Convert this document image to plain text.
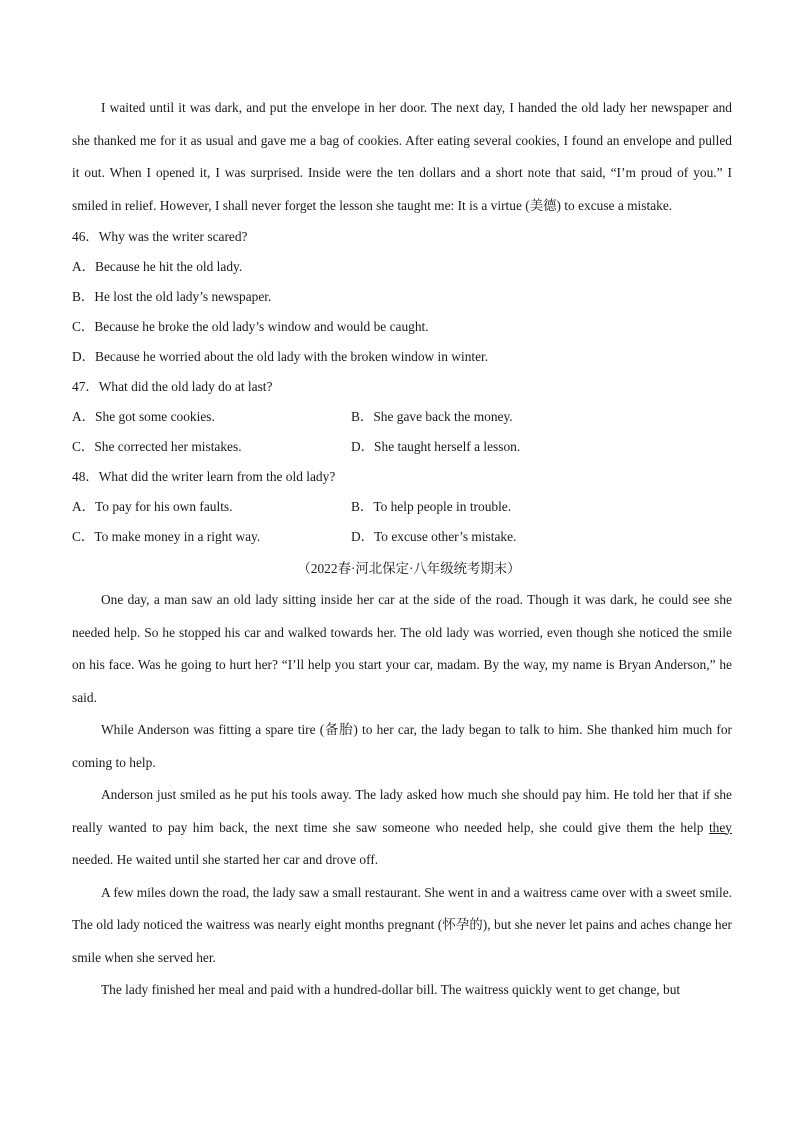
I waited until it was dark, and put the envelope in her door. The next day, I handed the old lady her newspaper and she thanked me for it as usual and gave me a bag of cookies. After eating several cookies, I found an envelope and pulled it out. When I opened it, I was surprised. Inside were the ten dollars and a short note that said, “I’m proud of you.” I smiled in relief. However, I shall never forget the lesson she taught me: It is a virtue (美德) to excuse a mistake.

46．Why was the writer scared?

A．Because he hit the old lady.
B．He lost the old lady’s newspaper.
C．Because he broke the old lady’s window and would be caught.
D．Because he worried about the old lady with the broken window in winter.

47．What did the old lady do at last?

A．She got some cookies.	B．She gave back the money.
C．She corrected her mistakes.	D．She taught herself a lesson.

48．What did the writer learn from the old lady?

A．To pay for his own faults.	B．To help people in trouble.
C．To make money in a right way.	D．To excuse other’s mistake.
（2022春·河北保定·八年级统考期末）

One day, a man saw an old lady sitting inside her car at the side of the road. Though it was dark, he could see she needed help. So he stopped his car and walked towards her. The old lady was worried, even though she noticed the smile on his face. Was he going to hurt her? “I’ll help you start your car, madam. By the way, my name is Bryan Anderson,” he said.

While Anderson was fitting a spare tire (备胎) to her car, the lady began to talk to him. She thanked him much for coming to help.

Anderson just smiled as he put his tools away. The lady asked how much she should pay him. He told her that if she really wanted to pay him back, the next time she saw someone who needed help, she could give them the help they needed. He waited until she started her car and drove off.

A few miles down the road, the lady saw a small restaurant. She went in and a waitress came over with a sweet smile. The old lady noticed the waitress was nearly eight months pregnant (怀孕的), but she never let pains and aches change her smile when she served her.

The lady finished her meal and paid with a hundred-dollar bill. The waitress quickly went to get change, but
